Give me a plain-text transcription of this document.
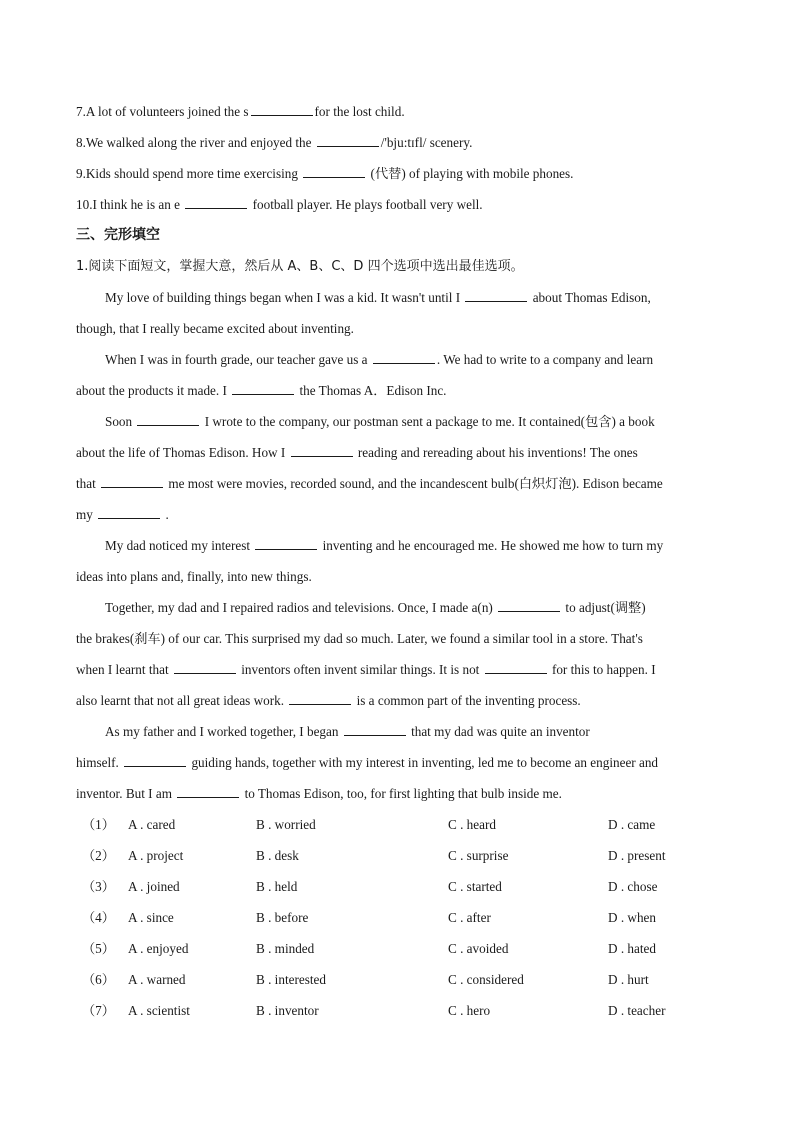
7.A lot of volunteers joined the s	for the lost child.
8.We walked along the river and enjoyed the	/'bju:tɪfl/ scenery.
9.Kids should spend more time exercising	(代替) of playing with mobile phones.
10.I think he is an e	football player. He plays football very well.
三、完形填空
1.阅读下面短文，掌握大意，然后从 A、B、C、D 四个选项中选出最佳选项。
My love of building things began when I was a kid. It wasn't until I	about Thomas Edison,
though, that I really became excited about inventing.
When I was in fourth grade, our teacher gave us a	. We had to write to a company and learn
about the products it made. I	the Thomas A．Edison Inc.
Soon	I wrote to the company, our postman sent a package to me. It contained(包含) a book
about the life of Thomas Edison. How I	reading and rereading about his inventions! The ones
that	me most were movies, recorded sound, and the incandescent bulb(白炽灯泡). Edison became
my	.
My dad noticed my interest	inventing and he encouraged me. He showed me how to turn my
ideas into plans and, finally, into new things.
Together, my dad and I repaired radios and televisions. Once, I made a(n)	to adjust(调整)
the brakes(刹车) of our car. This surprised my dad so much. Later, we found a similar tool in a store. That's
when I learnt that	inventors often invent similar things. It is not	for this to happen. I
also learnt that not all great ideas work.	is a common part of the inventing process.
As my father and I worked together, I began	that my dad was quite an inventor
himself.	guiding hands, together with my interest in inventing, led me to become an engineer and
inventor. But I am	to Thomas Edison, too, for first lighting that bulb inside me.
（1） A . cared	B . worried	C . heard	D . came
（2） A . project	B . desk	C . surprise	D . present
（3） A . joined	B . held	C . started	D . chose
（4） A . since	B . before	C . after	D . when
（5） A . enjoyed	B . minded	C . avoided	D . hated
（6） A . warned	B . interested	C . considered	D . hurt
（7） A . scientist	B . inventor	C . hero	D . teacher
